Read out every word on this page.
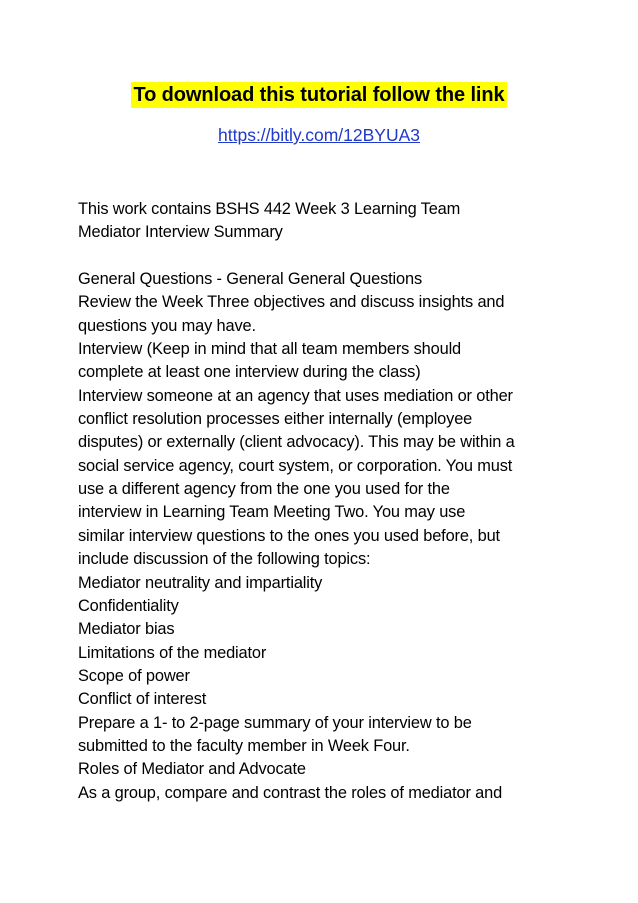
To download this tutorial follow the link
https://bitly.com/12BYUA3
This work contains BSHS 442 Week 3 Learning Team
Mediator Interview Summary
General Questions - General General Questions
Review the Week Three objectives and discuss insights and
questions you may have.
Interview (Keep in mind that all team members should
complete at least one interview during the class)
Interview someone at an agency that uses mediation or other
conflict resolution processes either internally (employee
disputes) or externally (client advocacy). This may be within a
social service agency, court system, or corporation. You must
use a different agency from the one you used for the
interview in Learning Team Meeting Two. You may use
similar interview questions to the ones you used before, but
include discussion of the following topics:
Mediator neutrality and impartiality
Confidentiality
Mediator bias
Limitations of the mediator
Scope of power
Conflict of interest
Prepare a 1- to 2-page summary of your interview to be
submitted to the faculty member in Week Four.
Roles of Mediator and Advocate
As a group, compare and contrast the roles of mediator and
